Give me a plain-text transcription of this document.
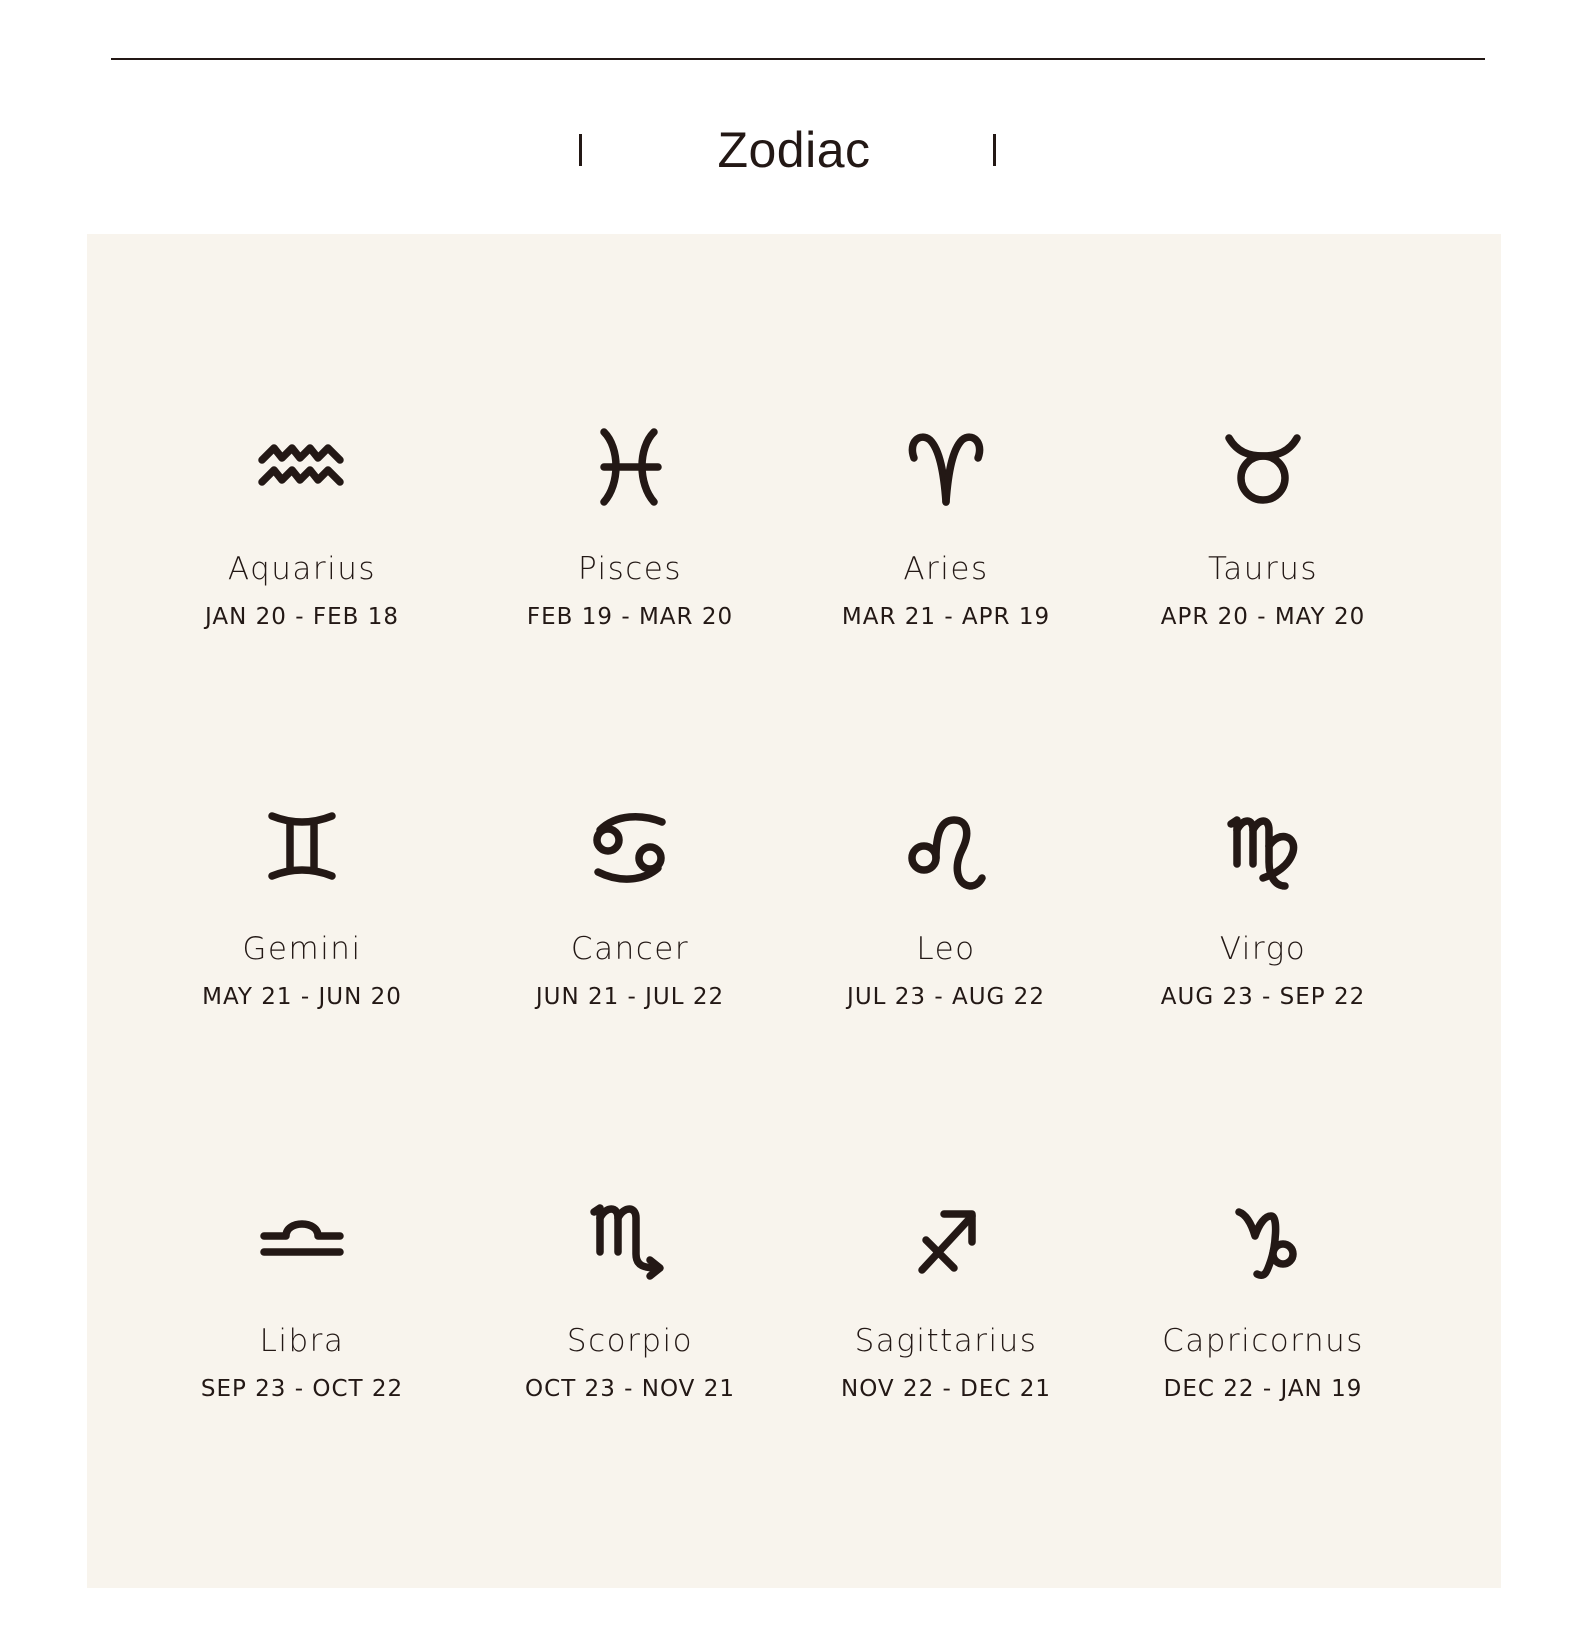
Zodiac
Aquarius
JAN 20 - FEB 18
Pisces
FEB 19 - MAR 20
Aries
MAR 21 - APR 19
Taurus
APR 20 - MAY 20
Gemini
MAY 21 - JUN 20
Cancer
JUN 21 - JUL 22
Leo
JUL 23 - AUG 22
Virgo
AUG 23 - SEP 22
Libra
SEP 23 - OCT 22
Scorpio
OCT 23 - NOV 21
Sagittarius
NOV 22 - DEC 21
Capricornus
DEC 22 - JAN 19
